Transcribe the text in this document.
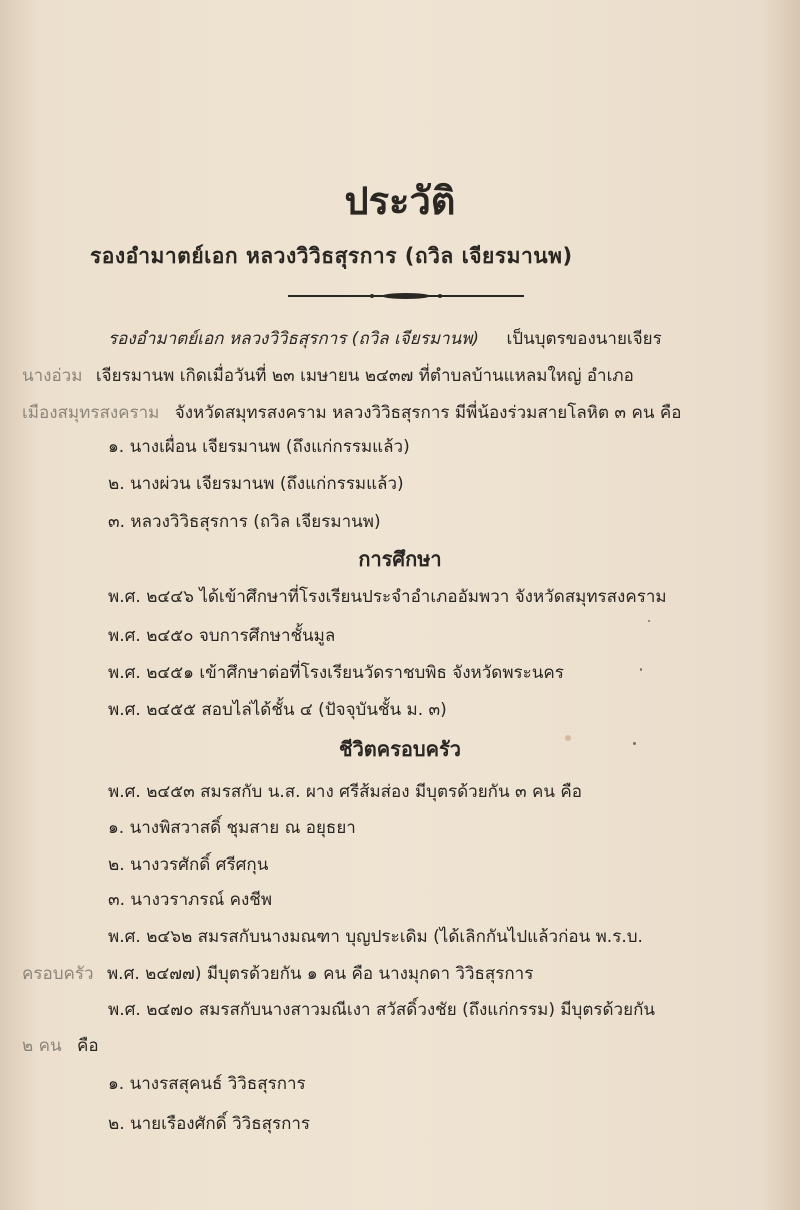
ประวัติ
รองอำมาตย์เอก หลวงวิวิธสุรการ (ถวิล เจียรมานพ)
รองอำมาตย์เอก หลวงวิวิธสุรการ (ถวิล เจียรมานพ) เป็นบุตรของนายเจียร
นางอ่วม เจียรมานพ เกิดเมื่อวันที่ ๒๓ เมษายน ๒๔๓๗ ที่ตำบลบ้านแหลมใหญ่ อำเภอ
เมืองสมุทรสงคราม จังหวัดสมุทรสงคราม หลวงวิวิธสุรการ มีพี่น้องร่วมสายโลหิต ๓ คน คือ
๑. นางเผื่อน เจียรมานพ (ถึงแก่กรรมแล้ว)
๒. นางผ่วน เจียรมานพ (ถึงแก่กรรมแล้ว)
๓. หลวงวิวิธสุรการ (ถวิล เจียรมานพ)
การศึกษา
พ.ศ. ๒๔๔๖ ได้เข้าศึกษาที่โรงเรียนประจำอำเภออัมพวา จังหวัดสมุทรสงคราม
พ.ศ. ๒๔๕๐ จบการศึกษาชั้นมูล
พ.ศ. ๒๔๕๑ เข้าศึกษาต่อที่โรงเรียนวัดราชบพิธ จังหวัดพระนคร
พ.ศ. ๒๔๕๕ สอบไล่ได้ชั้น ๔ (ปัจจุบันชั้น ม. ๓)
ชีวิตครอบครัว
พ.ศ. ๒๔๕๓ สมรสกับ น.ส. ผาง ศรีส้มส่อง มีบุตรด้วยกัน ๓ คน คือ
๑. นางพิสวาสดิ์ ชุมสาย ณ อยุธยา
๒. นางวรศักดิ์ ศรีศกุน
๓. นางวราภรณ์ คงชีพ
พ.ศ. ๒๔๖๒ สมรสกับนางมณฑา บุญประเดิม (ได้เลิกกันไปแล้วก่อน พ.ร.บ.
ครอบครัว พ.ศ. ๒๔๗๗) มีบุตรด้วยกัน ๑ คน คือ นางมุกดา วิวิธสุรการ
พ.ศ. ๒๔๗๐ สมรสกับนางสาวมณีเงา สวัสดิ์วงชัย (ถึงแก่กรรม) มีบุตรด้วยกัน
๒ คน คือ
๑. นางรสสุคนธ์ วิวิธสุรการ
๒. นายเรืองศักดิ์ วิวิธสุรการ
